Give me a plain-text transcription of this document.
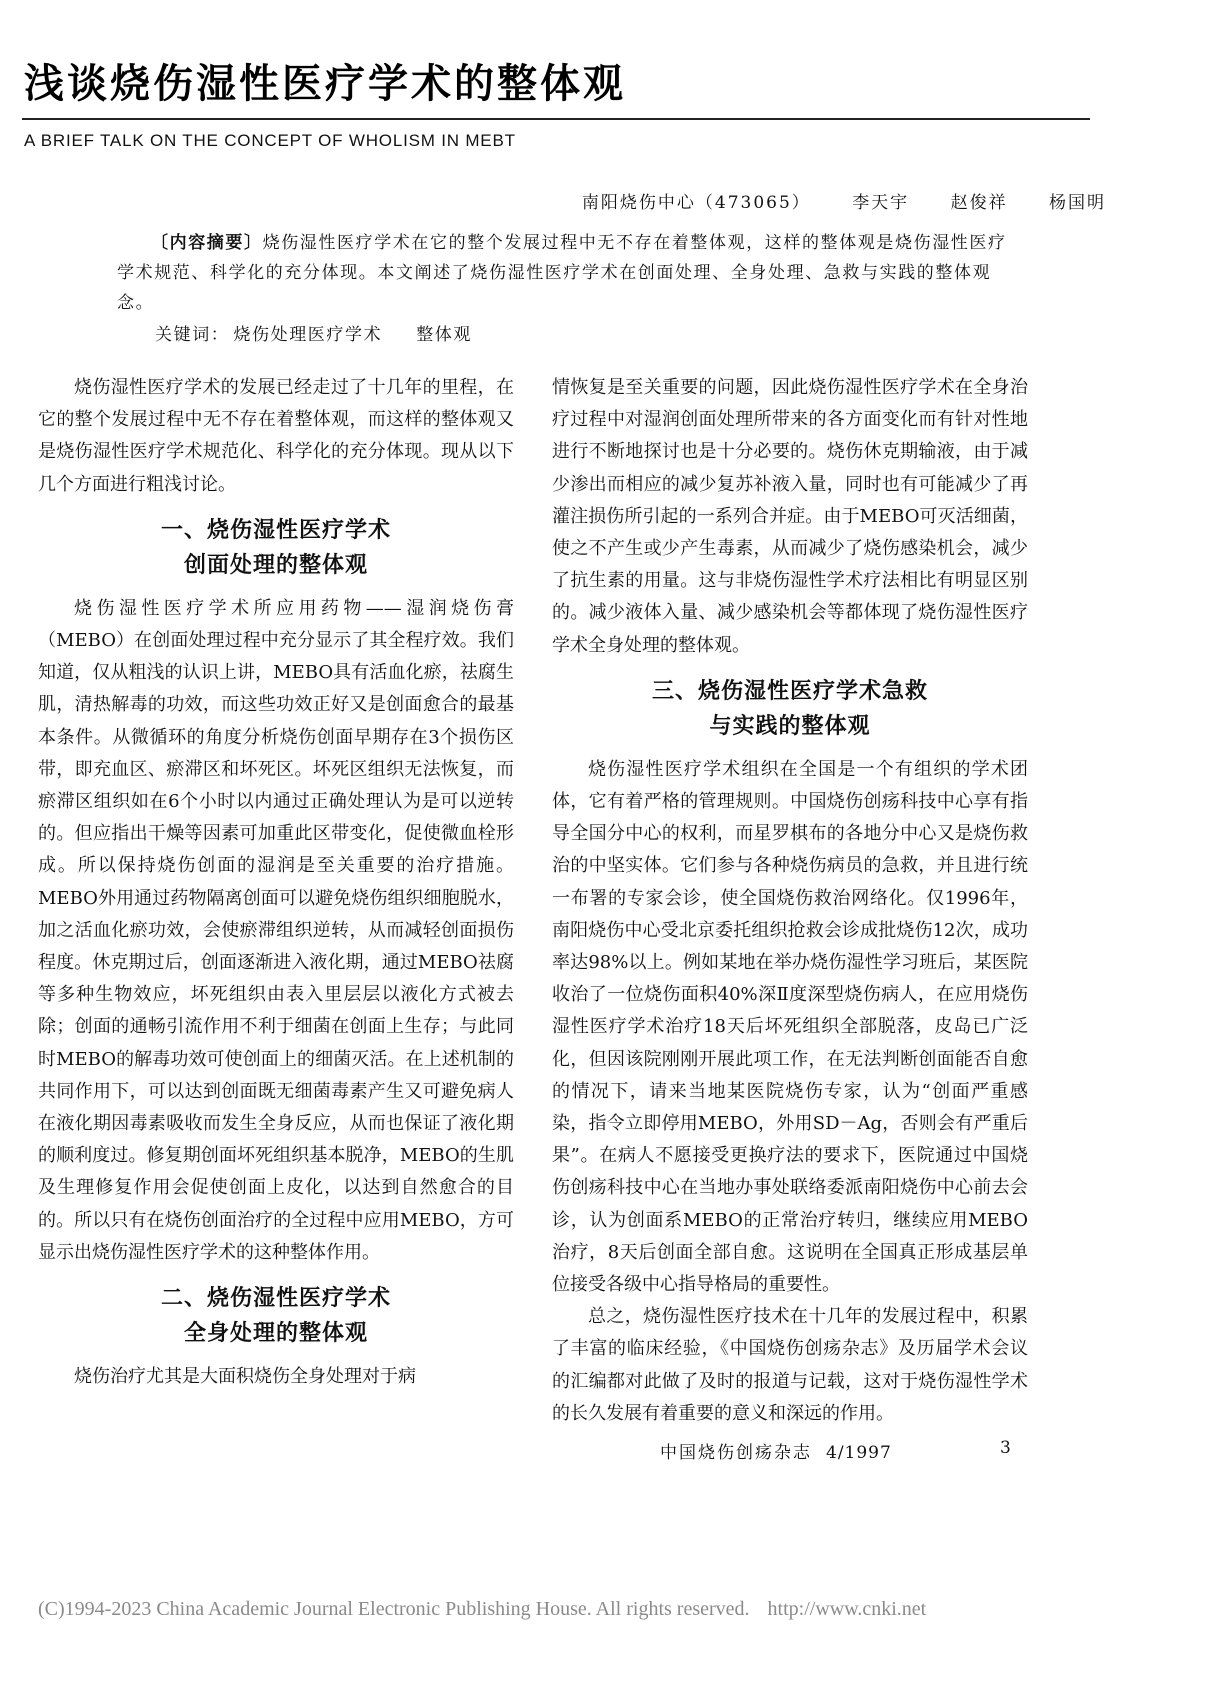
浅谈烧伤湿性医疗学术的整体观
A BRIEF TALK ON THE CONCEPT OF WHOLISM IN MEBT
南阳烧伤中心（473065） 李天宇 赵俊祥 杨国明

〔内容摘要〕烧伤湿性医疗学术在它的整个发展过程中无不存在着整体观，这样的整体观是烧伤湿性医疗学术规范、科学化的充分体现。本文阐述了烧伤湿性医疗学术在创面处理、全身处理、急救与实践的整体观念。

关键词： 烧伤处理医疗学术 整体观

烧伤湿性医疗学术的发展已经走过了十几年的里程，在它的整个发展过程中无不存在着整体观，而这样的整体观又是烧伤湿性医疗学术规范化、科学化的充分体现。现从以下几个方面进行粗浅讨论。

一、烧伤湿性医疗学术
创面处理的整体观

烧伤湿性医疗学术所应用药物——湿润烧伤膏（MEBO）在创面处理过程中充分显示了其全程疗效。我们知道，仅从粗浅的认识上讲，MEBO具有活血化瘀，祛腐生肌，清热解毒的功效，而这些功效正好又是创面愈合的最基本条件。从微循环的角度分析烧伤创面早期存在3个损伤区带，即充血区、瘀滞区和坏死区。坏死区组织无法恢复，而瘀滞区组织如在6个小时以内通过正确处理认为是可以逆转的。但应指出干燥等因素可加重此区带变化，促使微血栓形成。所以保持烧伤创面的湿润是至关重要的治疗措施。MEBO外用通过药物隔离创面可以避免烧伤组织细胞脱水，加之活血化瘀功效，会使瘀滞组织逆转，从而减轻创面损伤程度。休克期过后，创面逐渐进入液化期，通过MEBO祛腐等多种生物效应，坏死组织由表入里层层以液化方式被去除；创面的通畅引流作用不利于细菌在创面上生存；与此同时MEBO的解毒功效可使创面上的细菌灭活。在上述机制的共同作用下，可以达到创面既无细菌毒素产生又可避免病人在液化期因毒素吸收而发生全身反应，从而也保证了液化期的顺利度过。修复期创面坏死组织基本脱净，MEBO的生肌及生理修复作用会促使创面上皮化，以达到自然愈合的目的。所以只有在烧伤创面治疗的全过程中应用MEBO，方可显示出烧伤湿性医疗学术的这种整体作用。

二、烧伤湿性医疗学术
全身处理的整体观

烧伤治疗尤其是大面积烧伤全身处理对于病

情恢复是至关重要的问题，因此烧伤湿性医疗学术在全身治疗过程中对湿润创面处理所带来的各方面变化而有针对性地进行不断地探讨也是十分必要的。烧伤休克期输液，由于减少渗出而相应的减少复苏补液入量，同时也有可能减少了再灌注损伤所引起的一系列合并症。由于MEBO可灭活细菌，使之不产生或少产生毒素，从而减少了烧伤感染机会，减少了抗生素的用量。这与非烧伤湿性学术疗法相比有明显区别的。减少液体入量、减少感染机会等都体现了烧伤湿性医疗学术全身处理的整体观。

三、烧伤湿性医疗学术急救
与实践的整体观

烧伤湿性医疗学术组织在全国是一个有组织的学术团体，它有着严格的管理规则。中国烧伤创疡科技中心享有指导全国分中心的权利，而星罗棋布的各地分中心又是烧伤救治的中坚实体。它们参与各种烧伤病员的急救，并且进行统一布署的专家会诊，使全国烧伤救治网络化。仅1996年，南阳烧伤中心受北京委托组织抢救会诊成批烧伤12次，成功率达98%以上。例如某地在举办烧伤湿性学习班后，某医院收治了一位烧伤面积40%深Ⅱ度深型烧伤病人，在应用烧伤湿性医疗学术治疗18天后坏死组织全部脱落，皮岛已广泛化，但因该院刚刚开展此项工作，在无法判断创面能否自愈的情况下，请来当地某医院烧伤专家，认为“创面严重感染，指令立即停用MEBO，外用SD－Ag，否则会有严重后果”。在病人不愿接受更换疗法的要求下，医院通过中国烧伤创疡科技中心在当地办事处联络委派南阳烧伤中心前去会诊，认为创面系MEBO的正常治疗转归，继续应用MEBO治疗，8天后创面全部自愈。这说明在全国真正形成基层单位接受各级中心指导格局的重要性。

总之，烧伤湿性医疗技术在十几年的发展过程中，积累了丰富的临床经验，《中国烧伤创疡杂志》及历届学术会议的汇编都对此做了及时的报道与记载，这对于烧伤湿性学术的长久发展有着重要的意义和深远的作用。

中国烧伤创疡杂志 4/1997	3
(C)1994-2023 China Academic Journal Electronic Publishing House. All rights reserved. http://www.cnki.net
